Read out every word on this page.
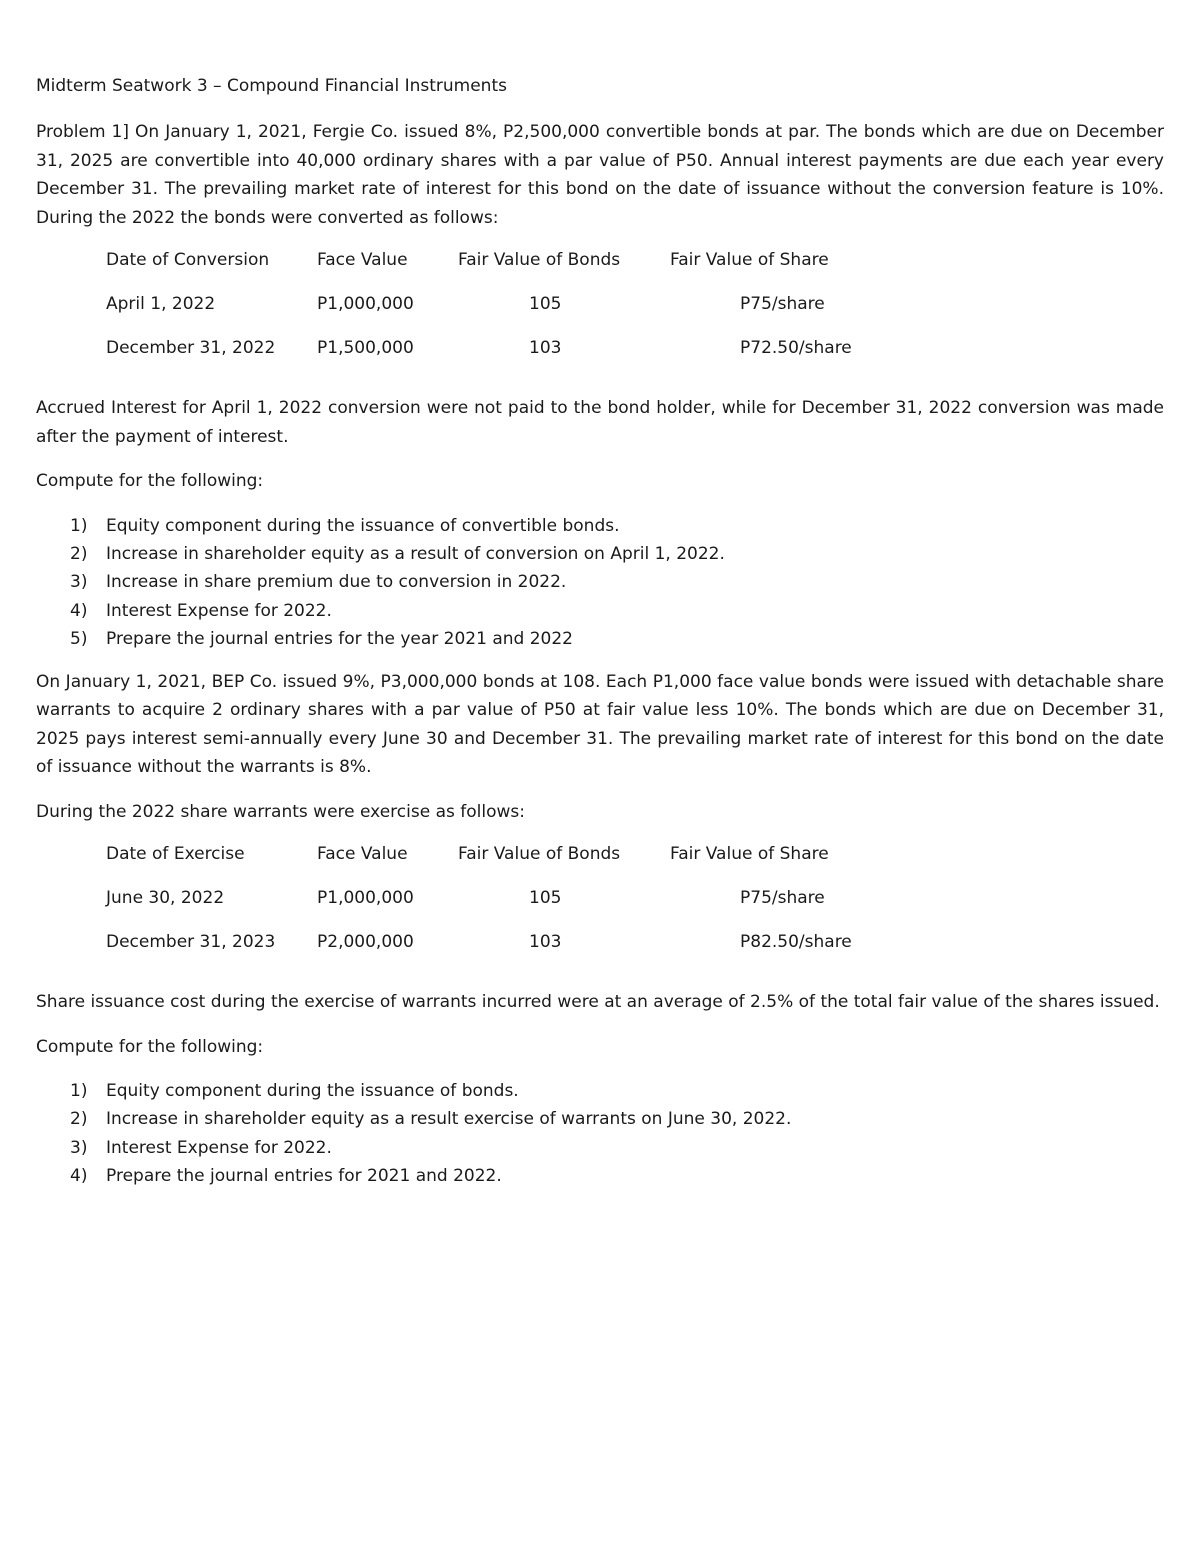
Midterm Seatwork 3 – Compound Financial Instruments

Problem 1] On January 1, 2021, Fergie Co. issued 8%, P2,500,000 convertible bonds at par. The bonds which are due on December 31, 2025 are convertible into 40,000 ordinary shares with a par value of P50. Annual interest payments are due each year every December 31. The prevailing market rate of interest for this bond on the date of issuance without the conversion feature is 10%. During the 2022 the bonds were converted as follows:

Date of Conversion	Face Value	Fair Value of Bonds	Fair Value of Share
April 1, 2022	P1,000,000	105	P75/share
December 31, 2022	P1,500,000	103	P72.50/share

Accrued Interest for April 1, 2022 conversion were not paid to the bond holder, while for December 31, 2022 conversion was made after the payment of interest.

Compute for the following:

1) Equity component during the issuance of convertible bonds.
2) Increase in shareholder equity as a result of conversion on April 1, 2022.
3) Increase in share premium due to conversion in 2022.
4) Interest Expense for 2022.
5) Prepare the journal entries for the year 2021 and 2022

On January 1, 2021, BEP Co. issued 9%, P3,000,000 bonds at 108. Each P1,000 face value bonds were issued with detachable share warrants to acquire 2 ordinary shares with a par value of P50 at fair value less 10%. The bonds which are due on December 31, 2025 pays interest semi-annually every June 30 and December 31. The prevailing market rate of interest for this bond on the date of issuance without the warrants is 8%.

During the 2022 share warrants were exercise as follows:

Date of Exercise	Face Value	Fair Value of Bonds	Fair Value of Share
June 30, 2022	P1,000,000	105	P75/share
December 31, 2023	P2,000,000	103	P82.50/share

Share issuance cost during the exercise of warrants incurred were at an average of 2.5% of the total fair value of the shares issued.

Compute for the following:

1) Equity component during the issuance of bonds.
2) Increase in shareholder equity as a result exercise of warrants on June 30, 2022.
3) Interest Expense for 2022.
4) Prepare the journal entries for 2021 and 2022.
